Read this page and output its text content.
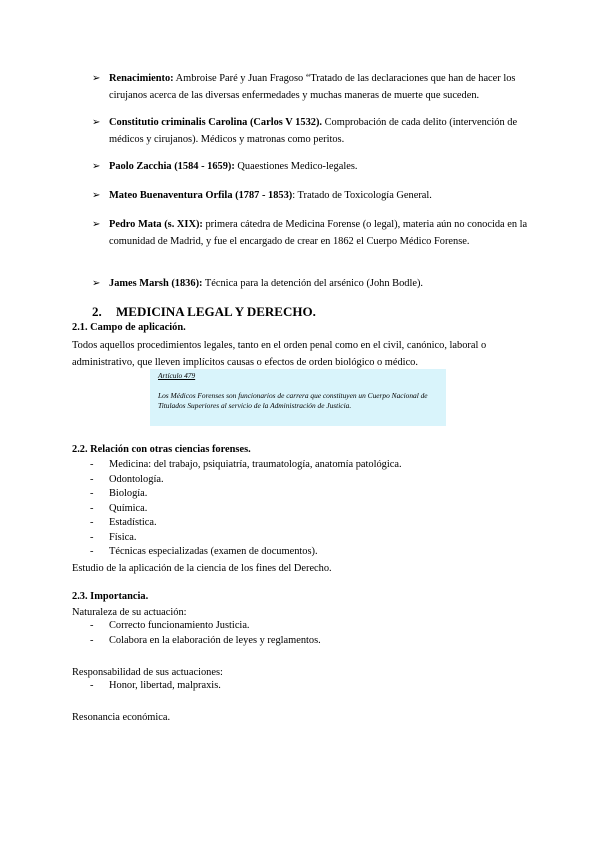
➢ Renacimiento: Ambroise Paré y Juan Fragoso “Tratado de las declaraciones que han de hacer los cirujanos acerca de las diversas enfermedades y muchas maneras de muerte que suceden.
➢ Constitutio criminalis Carolina (Carlos V 1532). Comprobación de cada delito (intervención de médicos y cirujanos). Médicos y matronas como peritos.
➢ Paolo Zacchia (1584 - 1659): Quaestiones Medico-legales.
➢ Mateo Buenaventura Orfila (1787 - 1853): Tratado de Toxicología General.
➢ Pedro Mata (s. XIX): primera cátedra de Medicina Forense (o legal), materia aún no conocida en la comunidad de Madrid, y fue el encargado de crear en 1862 el Cuerpo Médico Forense.
➢ James Marsh (1836): Técnica para la detención del arsénico (John Bodle).
2. MEDICINA LEGAL Y DERECHO.
2.1. Campo de aplicación.
Todos aquellos procedimientos legales, tanto en el orden penal como en el civil, canónico, laboral o administrativo, que lleven implícitos causas o efectos de orden biológico o médico.
Artículo 479
Los Médicos Forenses son funcionarios de carrera que constituyen un Cuerpo Nacional de Titulados Superiores al servicio de la Administración de Justicia.
2.2. Relación con otras ciencias forenses.
- Medicina: del trabajo, psiquiatría, traumatología, anatomía patológica.
- Odontología.
- Biología.
- Química.
- Estadística.
- Física.
- Técnicas especializadas (examen de documentos).
Estudio de la aplicación de la ciencia de los fines del Derecho.
2.3. Importancia.
Naturaleza de su actuación:
- Correcto funcionamiento Justicia.
- Colabora en la elaboración de leyes y reglamentos.
Responsabilidad de sus actuaciones:
- Honor, libertad, malpraxis.
Resonancia económica.
